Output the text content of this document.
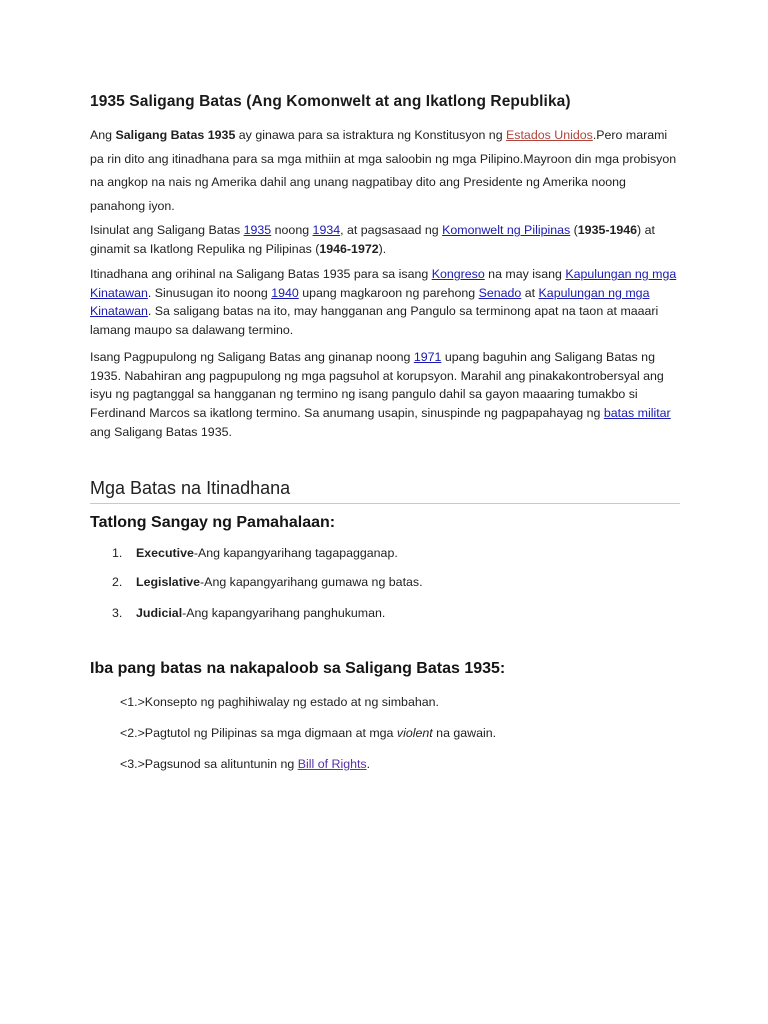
1935 Saligang Batas (Ang Komonwelt at ang Ikatlong Republika)

Ang Saligang Batas 1935 ay ginawa para sa istraktura ng Konstitusyon ng Estados Unidos.Pero marami pa rin dito ang itinadhana para sa mga mithiin at mga saloobin ng mga Pilipino.Mayroon din mga probisyon na angkop na nais ng Amerika dahil ang unang nagpatibay dito ang Presidente ng Amerika noong panahong iyon.

Isinulat ang Saligang Batas 1935 noong 1934, at pagsasaad ng Komonwelt ng Pilipinas (1935-1946) at ginamit sa Ikatlong Repulika ng Pilipinas (1946-1972).

Itinadhana ang orihinal na Saligang Batas 1935 para sa isang Kongreso na may isang Kapulungan ng mga Kinatawan. Sinusugan ito noong 1940 upang magkaroon ng parehong Senado at Kapulungan ng mga Kinatawan. Sa saligang batas na ito, may hangganan ang Pangulo sa terminong apat na taon at maaari lamang maupo sa dalawang termino.

Isang Pagpupulong ng Saligang Batas ang ginanap noong 1971 upang baguhin ang Saligang Batas ng 1935. Nabahiran ang pagpupulong ng mga pagsuhol at korupsyon. Marahil ang pinakakontrobersyal ang isyu ng pagtanggal sa hangganan ng termino ng isang pangulo dahil sa gayon maaaring tumakbo si Ferdinand Marcos sa ikatlong termino. Sa anumang usapin, sinuspinde ng pagpapahayag ng batas militar ang Saligang Batas 1935.

Mga Batas na Itinadhana
Tatlong Sangay ng Pamahalaan:
1. Executive-Ang kapangyarihang tagapagganap.
2. Legislative-Ang kapangyarihang gumawa ng batas.
3. Judicial-Ang kapangyarihang panghukuman.
Iba pang batas na nakapaloob sa Saligang Batas 1935:
<1.>Konsepto ng paghihiwalay ng estado at ng simbahan.
<2.>Pagtutol ng Pilipinas sa mga digmaan at mga violent na gawain.
<3.>Pagsunod sa alituntunin ng Bill of Rights.
